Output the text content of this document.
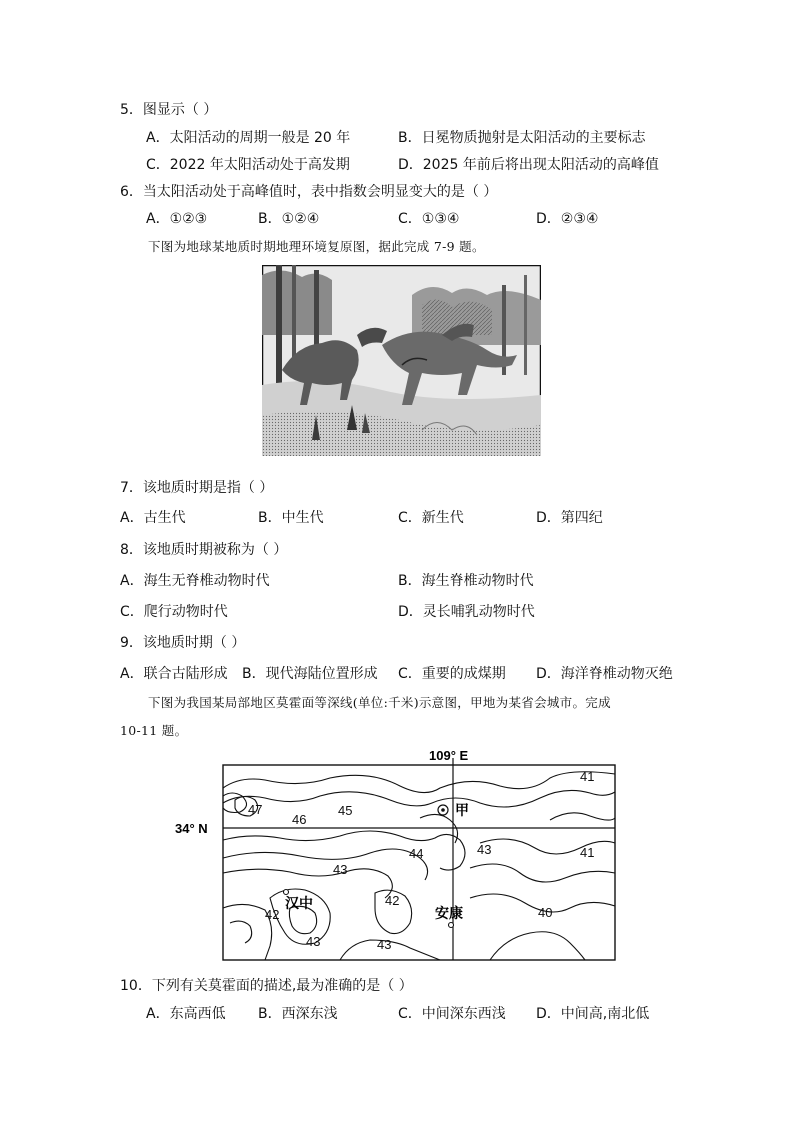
5．图显示（ ）
A．太阳活动的周期一般是 20 年	B．日冕物质抛射是太阳活动的主要标志
C．2022 年太阳活动处于高发期	D．2025 年前后将出现太阳活动的高峰值
6．当太阳活动处于高峰值时，表中指数会明显变大的是（ ）
A．①②③	B．①②④	C．①③④	D．②③④
下图为地球某地质时期地理环境复原图，据此完成 7-9 题。
7．该地质时期是指（ ）
A．古生代	B．中生代	C．新生代	D．第四纪
8．该地质时期被称为（ ）
A．海生无脊椎动物时代	B．海生脊椎动物时代
C．爬行动物时代	D．灵长哺乳动物时代
9．该地质时期（ ）
A．联合古陆形成 B．现代海陆位置形成 C．重要的成煤期 D．海洋脊椎动物灭绝
下图为我国某局部地区莫霍面等深线(单位:千米)示意图，甲地为某省会城市。完成
10-11 题。
109° E
34° N
47
46
45
44	43
41
41
40
43
42
43
42
43
甲
汉中
安康
10．下列有关莫霍面的描述,最为准确的是（ ）
A．东高西低 B．西深东浅	C．中间深东西浅 D．中间高,南北低
